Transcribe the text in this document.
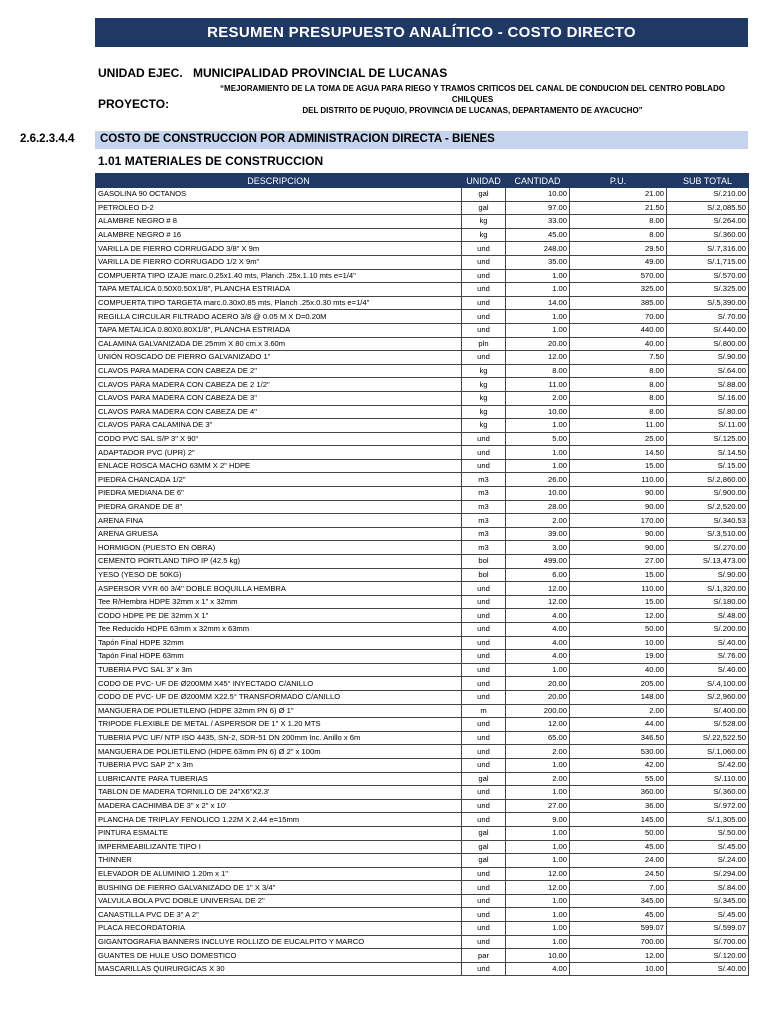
RESUMEN PRESUPUESTO ANALÍTICO - COSTO DIRECTO
UNIDAD EJEC. MUNICIPALIDAD PROVINCIAL DE LUCANAS
“MEJORAMIENTO DE LA TOMA DE AGUA PARA RIEGO Y TRAMOS CRITICOS DEL CANAL DE CONDUCION DEL CENTRO POBLADO CHILQUES
DEL DISTRITO DE PUQUIO, PROVINCIA DE LUCANAS, DEPARTAMENTO DE AYACUCHO”
PROYECTO:
2.6.2.3.4.4 COSTO DE CONSTRUCCION POR ADMINISTRACION DIRECTA - BIENES
1.01 MATERIALES DE CONSTRUCCION
DESCRIPCION	UNIDAD	CANTIDAD	P.U.	SUB TOTAL
GASOLINA 90 OCTANOS	gal	10.00	21.00	S/.210.00
PETROLEO D-2	gal	97.00	21.50	S/.2,085.50
ALAMBRE NEGRO # 8	kg	33.00	8.00	S/.264.00
ALAMBRE NEGRO # 16	kg	45.00	8.00	S/.360.00
VARILLA DE FIERRO CORRUGADO 3/8" X 9m	und	248.00	29.50	S/.7,316.00
VARILLA DE FIERRO CORRUGADO 1/2 X 9m"	und	35.00	49.00	S/.1,715.00
COMPUERTA TIPO IZAJE marc.0.25x1.40 mts, Planch .25x.1.10 mts e=1/4"	und	1.00	570.00	S/.570.00
TAPA METALICA 0.50X0.50X1/8", PLANCHA ESTRIADA	und	1.00	325.00	S/.325.00
COMPUERTA TIPO TARGETA marc.0.30x0.85 mts, Planch .25x.0.30 mts e=1/4"	und	14.00	385.00	S/.5,390.00
REGILLA CIRCULAR FILTRADO ACERO 3/8 @ 0.05 M X D=0.20M	und	1.00	70.00	S/.70.00
TAPA METALICA 0.80X0.80X1/8", PLANCHA ESTRIADA	und	1.00	440.00	S/.440.00
CALAMINA GALVANIZADA DE 25mm X 80 cm.x 3.60m	pln	20.00	40.00	S/.800.00
UNIÓN ROSCADO DE FIERRO GALVANIZADO 1"	und	12.00	7.50	S/.90.00
CLAVOS PARA MADERA CON CABEZA DE 2"	kg	8.00	8.00	S/.64.00
CLAVOS PARA MADERA CON CABEZA DE 2 1/2"	kg	11.00	8.00	S/.88.00
CLAVOS PARA MADERA CON CABEZA DE 3"	kg	2.00	8.00	S/.16.00
CLAVOS PARA MADERA CON CABEZA DE 4"	kg	10.00	8.00	S/.80.00
CLAVOS PARA CALAMINA DE 3"	kg	1.00	11.00	S/.11.00
CODO PVC SAL S/P 3" X 90°	und	5.00	25.00	S/.125.00
ADAPTADOR PVC (UPR) 2"	und	1.00	14.50	S/.14.50
ENLACE ROSCA MACHO 63MM X 2" HDPE	und	1.00	15.00	S/.15.00
PIEDRA CHANCADA 1/2"	m3	26.00	110.00	S/.2,860.00
PIEDRA MEDIANA DE 6"	m3	10.00	90.00	S/.900.00
PIEDRA GRANDE DE 8"	m3	28.00	90.00	S/.2,520.00
ARENA FINA	m3	2.00	170.00	S/.340.53
ARENA GRUESA	m3	39.00	90.00	S/.3,510.00
HORMIGON (PUESTO EN OBRA)	m3	3.00	90.00	S/.270.00
CEMENTO PORTLAND TIPO IP (42.5 kg)	bol	499.00	27.00	S/.13,473.00
YESO (YESO DE 50KG)	bol	6.00	15.00	S/.90.00
ASPERSOR VYR 60 3/4" DOBLE BOQUILLA HEMBRA	und	12.00	110.00	S/.1,320.00
Tee R/Hembra HDPE 32mm x 1" x 32mm	und	12.00	15.00	S/.180.00
CODO HDPE PE DE 32mm X 1"	und	4.00	12.00	S/.48.00
Tee Reducido HDPE 63mm x 32mm x 63mm	und	4.00	50.00	S/.200.00
Tapón Final HDPE 32mm	und	4.00	10.00	S/.40.00
Tapón Final HDPE 63mm	und	4.00	19.00	S/.76.00
TUBERIA PVC SAL 3" x 3m	und	1.00	40.00	S/.40.00
CODO DE PVC- UF DE Ø200MM X45° INYECTADO C/ANILLO	und	20.00	205.00	S/.4,100.00
CODO DE PVC- UF DE Ø200MM X22.5° TRANSFORMADO C/ANILLO	und	20.00	148.00	S/.2,960.00
MANGUERA DE POLIETILENO (HDPE 32mm PN 6) Ø 1"	m	200.00	2.00	S/.400.00
TRIPODE FLEXIBLE DE METAL / ASPERSOR DE 1" X 1.20 MTS	und	12.00	44.00	S/.528.00
TUBERIA PVC UF/ NTP ISO 4435, SN-2, SDR-51 DN 200mm Inc. Anillo x 6m	und	65.00	346.50	S/.22,522.50
MANGUERA DE POLIETILENO (HDPE 63mm PN 6) Ø 2" x 100m	und	2.00	530.00	S/.1,060.00
TUBERIA PVC SAP 2" x 3m	und	1.00	42.00	S/.42.00
LUBRICANTE PARA TUBERIAS	gal	2.00	55.00	S/.110.00
TABLON DE MADERA TORNILLO DE 24"X6"X2.3'	und	1.00	360.00	S/.360.00
MADERA CACHIMBA DE 3" x 2" x 10'	und	27.00	36.00	S/.972.00
PLANCHA DE TRIPLAY FENOLICO 1.22M X 2.44 e=15mm	und	9.00	145.00	S/.1,305.00
PINTURA ESMALTE	gal	1.00	50.00	S/.50.00
IMPERMEABILIZANTE TIPO I	gal	1.00	45.00	S/.45.00
THINNER	gal	1.00	24.00	S/.24.00
ELEVADOR DE ALUMINIO 1.20m x 1"	und	12.00	24.50	S/.294.00
BUSHING DE FIERRO GALVANIZADO DE 1" X 3/4"	und	12.00	7.00	S/.84.00
VALVULA BOLA PVC DOBLE UNIVERSAL DE 2"	und	1.00	345.00	S/.345.00
CANASTILLA PVC DE 3" A 2"	und	1.00	45.00	S/.45.00
PLACA RECORDATORIA	und	1.00	599.07	S/.599.07
GIGANTOGRAFIA BANNERS INCLUYE ROLLIZO DE EUCALPITO Y MARCO	und	1.00	700.00	S/.700.00
GUANTES DE HULE USO DOMESTICO	par	10.00	12.00	S/.120.00
MASCARILLAS QUIRURGICAS X 30	und	4.00	10.00	S/.40.00
